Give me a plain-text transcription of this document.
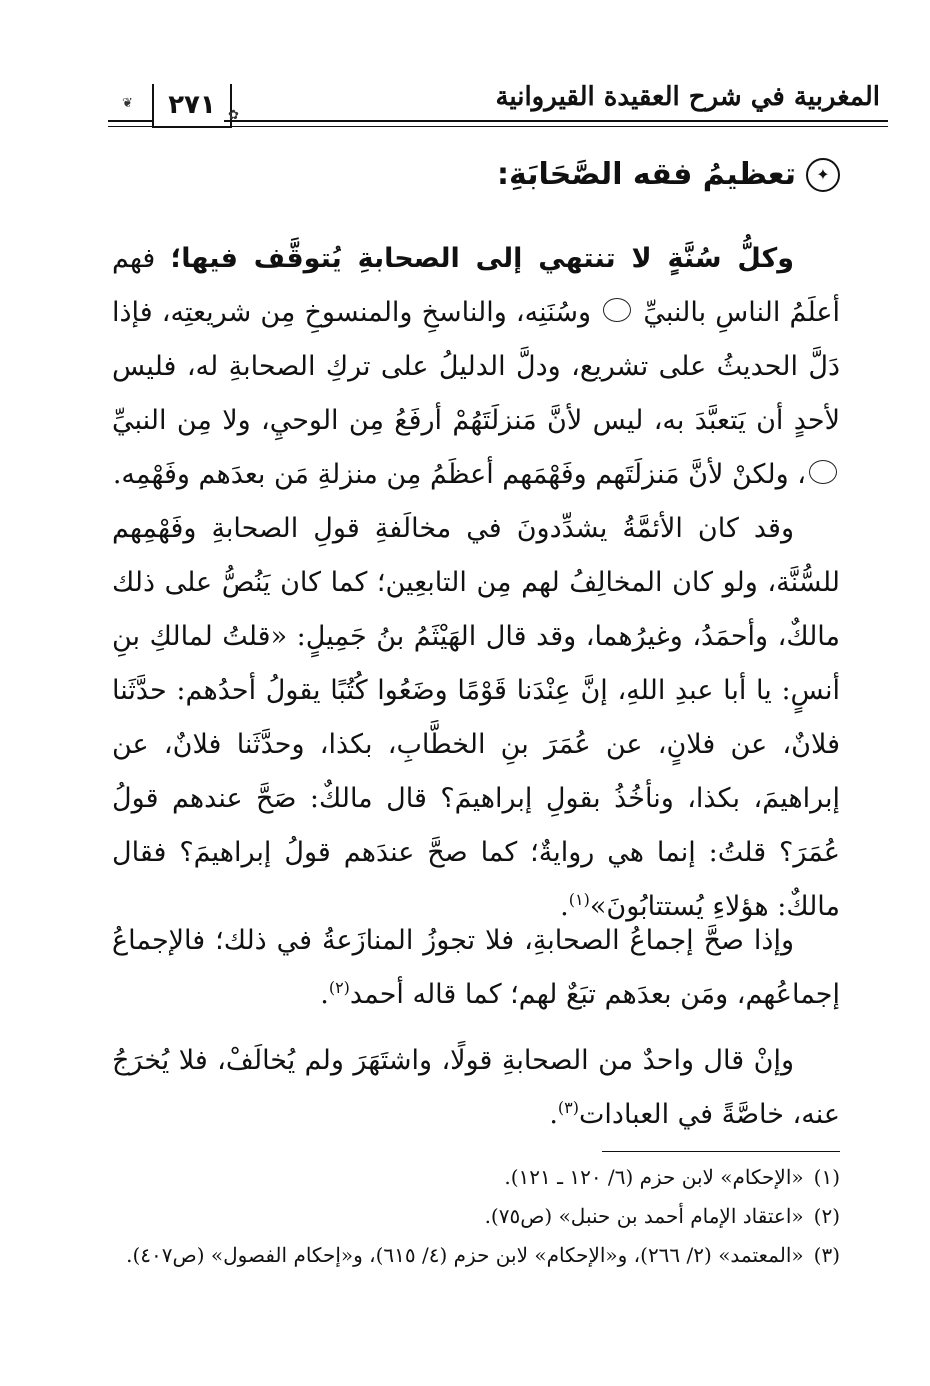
المغربية في شرح العقيدة القيروانية
٢٧١
❦
✿
✦
تعظيمُ فقه الصَّحَابَةِ:

وكلُّ سُنَّةٍ لا تنتهي إلى الصحابةِ يُتوقَّف فيها؛ فهم أعلَمُ الناسِ بالنبيِّ  وسُنَنِه، والناسخِ والمنسوخِ مِن شريعتِه، فإذا دَلَّ الحديثُ على تشريع، ودلَّ الدليلُ على تركِ الصحابةِ له، فليس لأحدٍ أن يَتعبَّدَ به، ليس لأنَّ مَنزلَتَهُمْ أرفَعُ مِن الوحيِ، ولا مِن النبيِّ ، ولكنْ لأنَّ مَنزلَتَهم وفَهْمَهم أعظَمُ مِن منزلةِ مَن بعدَهم وفَهْمِه.

وقد كان الأئمَّةُ يشدِّدونَ في مخالَفةِ قولِ الصحابةِ وفَهْمِهم للسُّنَّة، ولو كان المخالِفُ لهم مِن التابعِين؛ كما كان يَنُصُّ على ذلك مالكٌ، وأحمَدُ، وغيرُهما، وقد قال الهَيْثَمُ بنُ جَمِيلٍ: «قلتُ لمالكِ بنِ أنسٍ: يا أبا عبدِ اللهِ، إنَّ عِنْدَنا قَوْمًا وضَعُوا كُتُبًا يقولُ أحدُهم: حدَّثَنا فلانٌ، عن فلانٍ، عن عُمَرَ بنِ الخطَّابِ، بكذا، وحدَّثَنا فلانٌ، عن إبراهيمَ، بكذا، ونأخُذُ بقولِ إبراهيمَ؟ قال مالكٌ: صَحَّ عندهم قولُ عُمَرَ؟ قلتُ: إنما هي روايةٌ؛ كما صحَّ عندَهم قولُ إبراهيمَ؟ فقال مالكٌ: هؤلاءِ يُستتابُونَ»$^{(١)}$.

وإذا صحَّ إجماعُ الصحابةِ، فلا تجوزُ المنازَعةُ في ذلك؛ فالإجماعُ إجماعُهم، ومَن بعدَهم تبَعٌ لهم؛ كما قاله أحمد$^{(٢)}$.

وإنْ قال واحدٌ من الصحابةِ قولًا، واشتَهَرَ ولم يُخالَفْ، فلا يُخرَجُ عنه، خاصَّةً في العبادات$^{(٣)}$.

(١)
«الإحكام» لابن حزم (٦/ ١٢٠ ـ ١٢١).
(٢)
«اعتقاد الإمام أحمد بن حنبل» (ص٧٥).
(٣)
«المعتمد» (٢/ ٢٦٦)، و«الإحكام» لابن حزم (٤/ ٦١٥)، و«إحكام الفصول» (ص٤٠٧).
